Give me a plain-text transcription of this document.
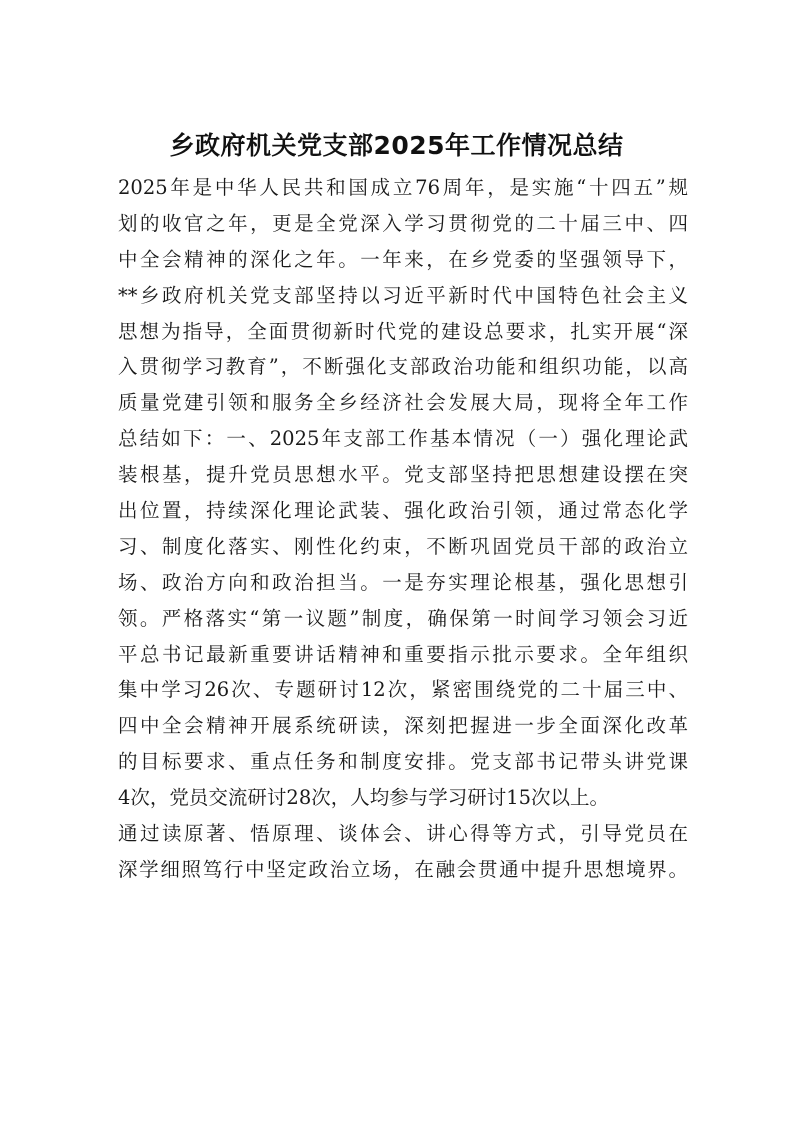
乡政府机关党支部2025年工作情况总结
2025年是中华人民共和国成立76周年，是实施“十四五”规
划的收官之年，更是全党深入学习贯彻党的二十届三中、四
中全会精神的深化之年。一年来，在乡党委的坚强领导下，
**乡政府机关党支部坚持以习近平新时代中国特色社会主义
思想为指导，全面贯彻新时代党的建设总要求，扎实开展“深
入贯彻学习教育”，不断强化支部政治功能和组织功能，以高
质量党建引领和服务全乡经济社会发展大局，现将全年工作
总结如下：一、2025年支部工作基本情况（一）强化理论武
装根基，提升党员思想水平。党支部坚持把思想建设摆在突
出位置，持续深化理论武装、强化政治引领，通过常态化学
习、制度化落实、刚性化约束，不断巩固党员干部的政治立
场、政治方向和政治担当。一是夯实理论根基，强化思想引
领。严格落实“第一议题”制度，确保第一时间学习领会习近
平总书记最新重要讲话精神和重要指示批示要求。全年组织
集中学习26次、专题研讨12次，紧密围绕党的二十届三中、
四中全会精神开展系统研读，深刻把握进一步全面深化改革
的目标要求、重点任务和制度安排。党支部书记带头讲党课
4次，党员交流研讨28次，人均参与学习研讨15次以上。
通过读原著、悟原理、谈体会、讲心得等方式，引导党员在
深学细照笃行中坚定政治立场，在融会贯通中提升思想境界。
